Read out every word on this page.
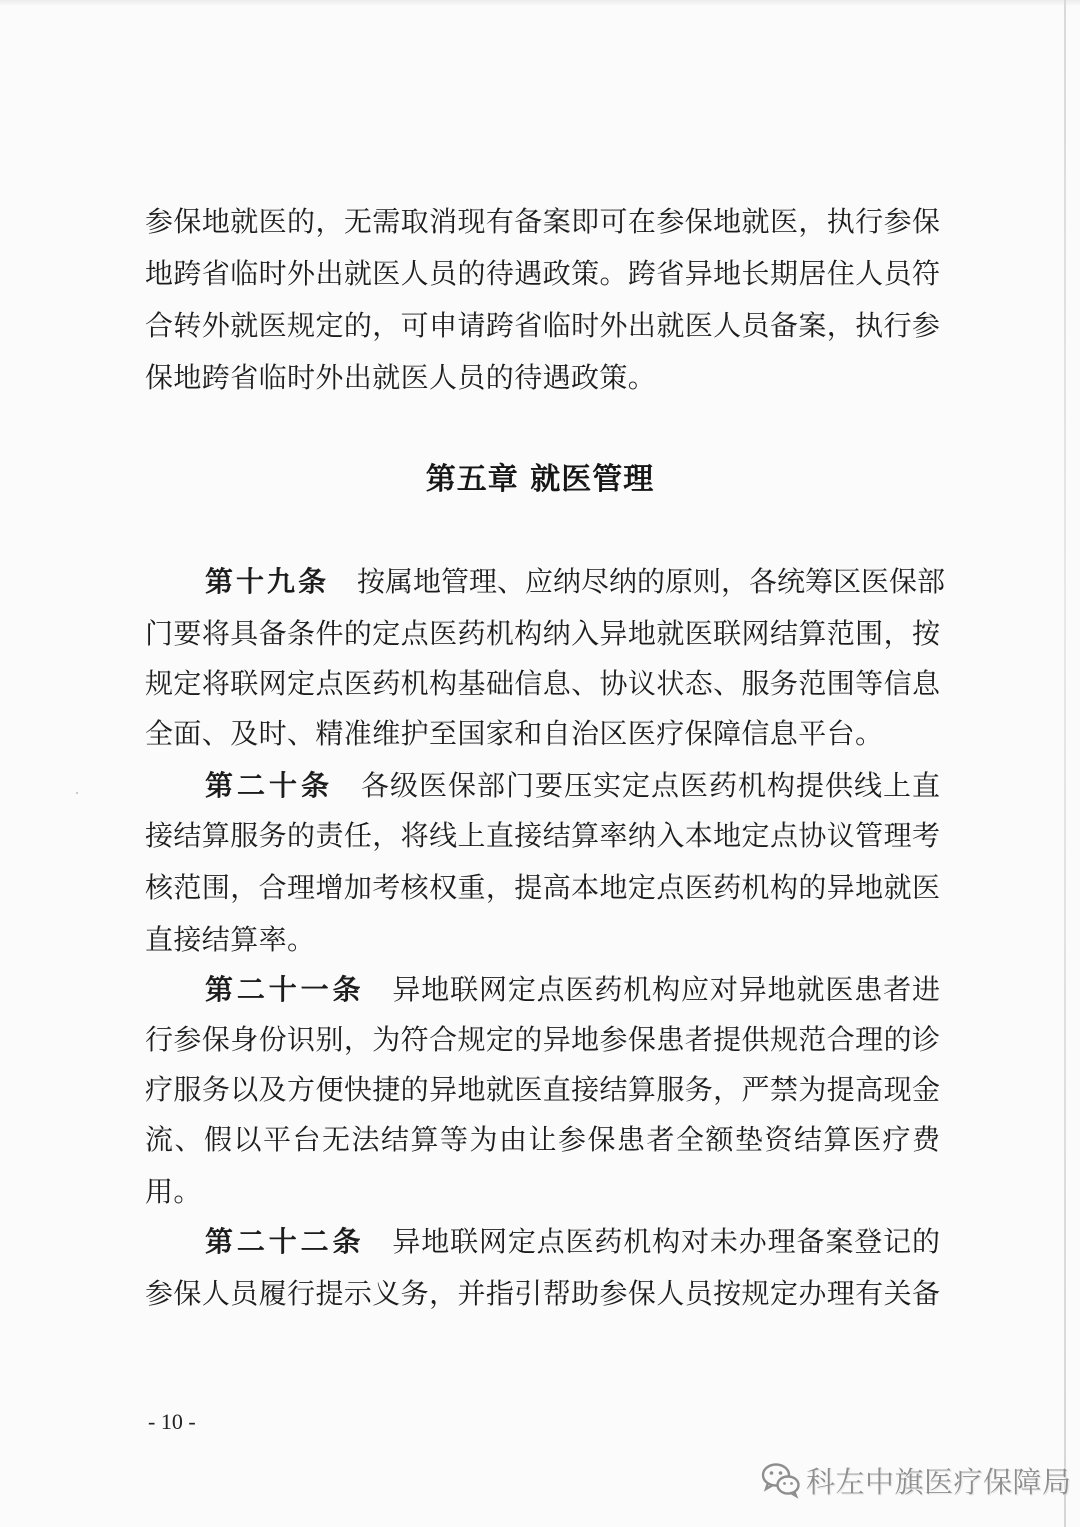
参保地就医的，无需取消现有备案即可在参保地就医，执行参保
地跨省临时外出就医人员的待遇政策。跨省异地长期居住人员符
合转外就医规定的，可申请跨省临时外出就医人员备案，执行参
保地跨省临时外出就医人员的待遇政策。
第五章 就医管理
第十九条 按属地管理、应纳尽纳的原则，各统筹区医保部
门要将具备条件的定点医药机构纳入异地就医联网结算范围，按
规定将联网定点医药机构基础信息、协议状态、服务范围等信息
全面、及时、精准维护至国家和自治区医疗保障信息平台。
第二十条 各级医保部门要压实定点医药机构提供线上直
接结算服务的责任，将线上直接结算率纳入本地定点协议管理考
核范围，合理增加考核权重，提高本地定点医药机构的异地就医
直接结算率。
第二十一条 异地联网定点医药机构应对异地就医患者进
行参保身份识别，为符合规定的异地参保患者提供规范合理的诊
疗服务以及方便快捷的异地就医直接结算服务，严禁为提高现金
流、假以平台无法结算等为由让参保患者全额垫资结算医疗费
用。
第二十二条 异地联网定点医药机构对未办理备案登记的
参保人员履行提示义务，并指引帮助参保人员按规定办理有关备
- 10 -
科左中旗医疗保障局
